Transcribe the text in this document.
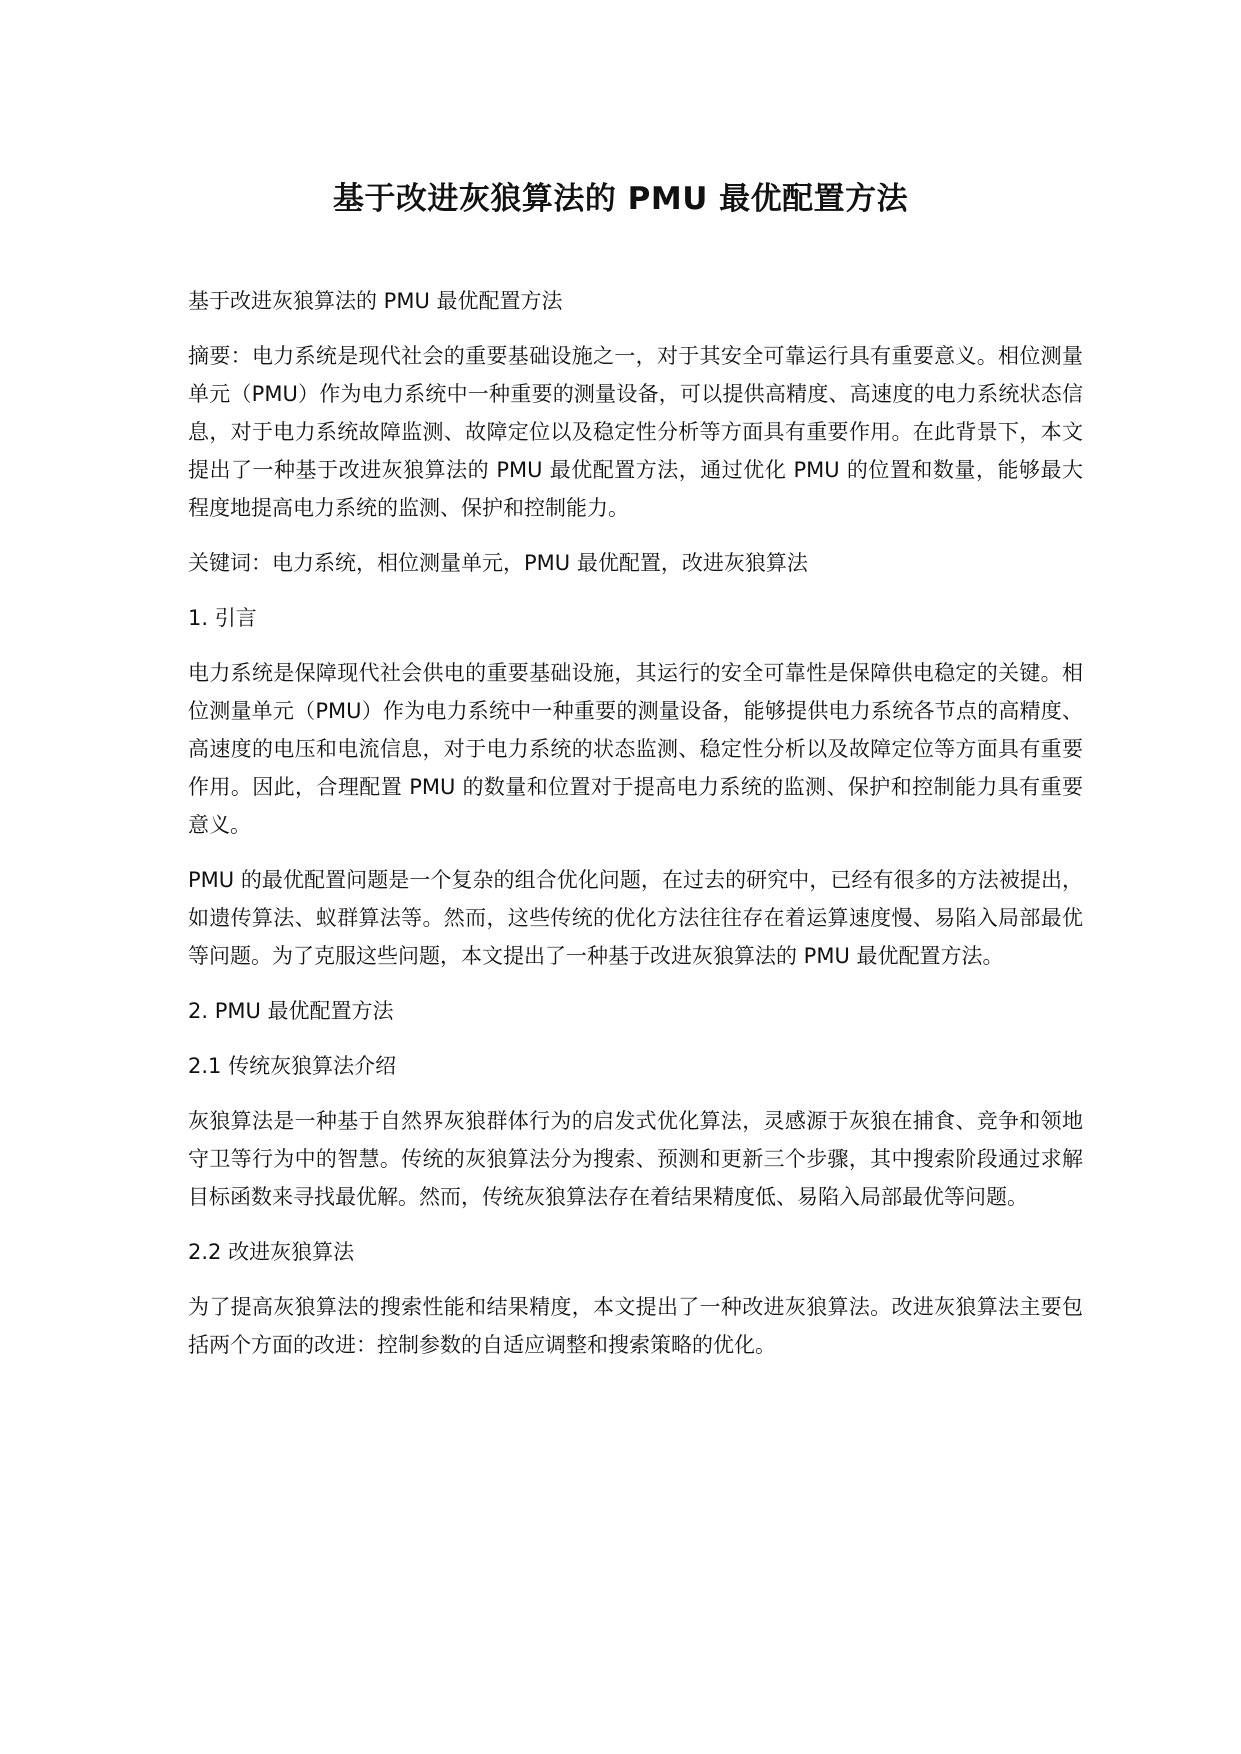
基于改进灰狼算法的 PMU 最优配置方法

基于改进灰狼算法的 PMU 最优配置方法

摘要：电力系统是现代社会的重要基础设施之一，对于其安全可靠运行具有重要意义。相位测量单元（PMU）作为电力系统中一种重要的测量设备，可以提供高精度、高速度的电力系统状态信息，对于电力系统故障监测、故障定位以及稳定性分析等方面具有重要作用。在此背景下，本文提出了一种基于改进灰狼算法的 PMU 最优配置方法，通过优化 PMU 的位置和数量，能够最大程度地提高电力系统的监测、保护和控制能力。

关键词：电力系统，相位测量单元，PMU 最优配置，改进灰狼算法

1. 引言

电力系统是保障现代社会供电的重要基础设施，其运行的安全可靠性是保障供电稳定的关键。相位测量单元（PMU）作为电力系统中一种重要的测量设备，能够提供电力系统各节点的高精度、高速度的电压和电流信息，对于电力系统的状态监测、稳定性分析以及故障定位等方面具有重要作用。因此，合理配置 PMU 的数量和位置对于提高电力系统的监测、保护和控制能力具有重要意义。

PMU 的最优配置问题是一个复杂的组合优化问题，在过去的研究中，已经有很多的方法被提出，如遗传算法、蚁群算法等。然而，这些传统的优化方法往往存在着运算速度慢、易陷入局部最优等问题。为了克服这些问题，本文提出了一种基于改进灰狼算法的 PMU 最优配置方法。

2. PMU 最优配置方法

2.1 传统灰狼算法介绍

灰狼算法是一种基于自然界灰狼群体行为的启发式优化算法，灵感源于灰狼在捕食、竞争和领地守卫等行为中的智慧。传统的灰狼算法分为搜索、预测和更新三个步骤，其中搜索阶段通过求解目标函数来寻找最优解。然而，传统灰狼算法存在着结果精度低、易陷入局部最优等问题。

2.2 改进灰狼算法

为了提高灰狼算法的搜索性能和结果精度，本文提出了一种改进灰狼算法。改进灰狼算法主要包括两个方面的改进：控制参数的自适应调整和搜索策略的优化。
